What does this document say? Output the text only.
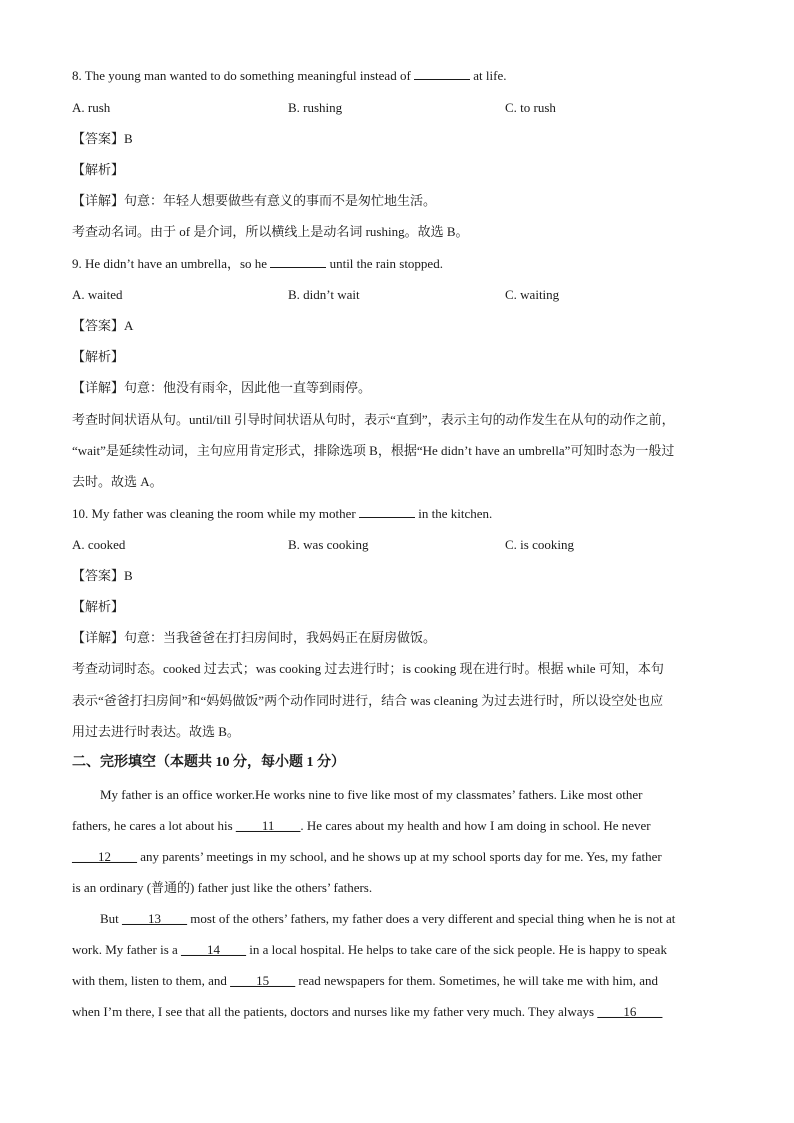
8. The young man wanted to do something meaningful instead of	at life.
A. rush	B. rushing	C. to rush
【答案】B
【解析】
【详解】句意：年轻人想要做些有意义的事而不是匆忙地生活。
考查动名词。由于 of 是介词，所以横线上是动名词 rushing。故选 B。
9. He didn’t have an umbrella，so he	until the rain stopped.
A. waited	B. didn’t wait	C. waiting
【答案】A
【解析】
【详解】句意：他没有雨伞，因此他一直等到雨停。
考查时间状语从句。until/till 引导时间状语从句时，表示“直到”，表示主句的动作发生在从句的动作之前，
“wait”是延续性动词，主句应用肯定形式，排除选项 B，根据“He didn’t have an umbrella”可知时态为一般过
去时。故选 A。
10. My father was cleaning the room while my mother	in the kitchen.
A. cooked	B. was cooking	C. is cooking
【答案】B
【解析】
【详解】句意：当我爸爸在打扫房间时，我妈妈正在厨房做饭。
考查动词时态。cooked 过去式；was cooking 过去进行时；is cooking 现在进行时。根据 while 可知，本句
表示“爸爸打扫房间”和“妈妈做饭”两个动作同时进行，结合 was cleaning 为过去进行时，所以设空处也应
用过去进行时表达。故选 B。
二、完形填空（本题共 10 分，每小题 1 分）
My father is an office worker.He works nine to five like most of my classmates’ fathers. Like most other
fathers, he cares a lot about his ____11____. He cares about my health and how I am doing in school. He never
____12____ any parents’ meetings in my school, and he shows up at my school sports day for me. Yes, my father
is an ordinary (普通的) father just like the others’ fathers.
But ____13____ most of the others’ fathers, my father does a very different and special thing when he is not at
work. My father is a ____14____ in a local hospital. He helps to take care of the sick people. He is happy to speak
with them, listen to them, and ____15____ read newspapers for them. Sometimes, he will take me with him, and
when I’m there, I see that all the patients, doctors and nurses like my father very much. They always ____16____
